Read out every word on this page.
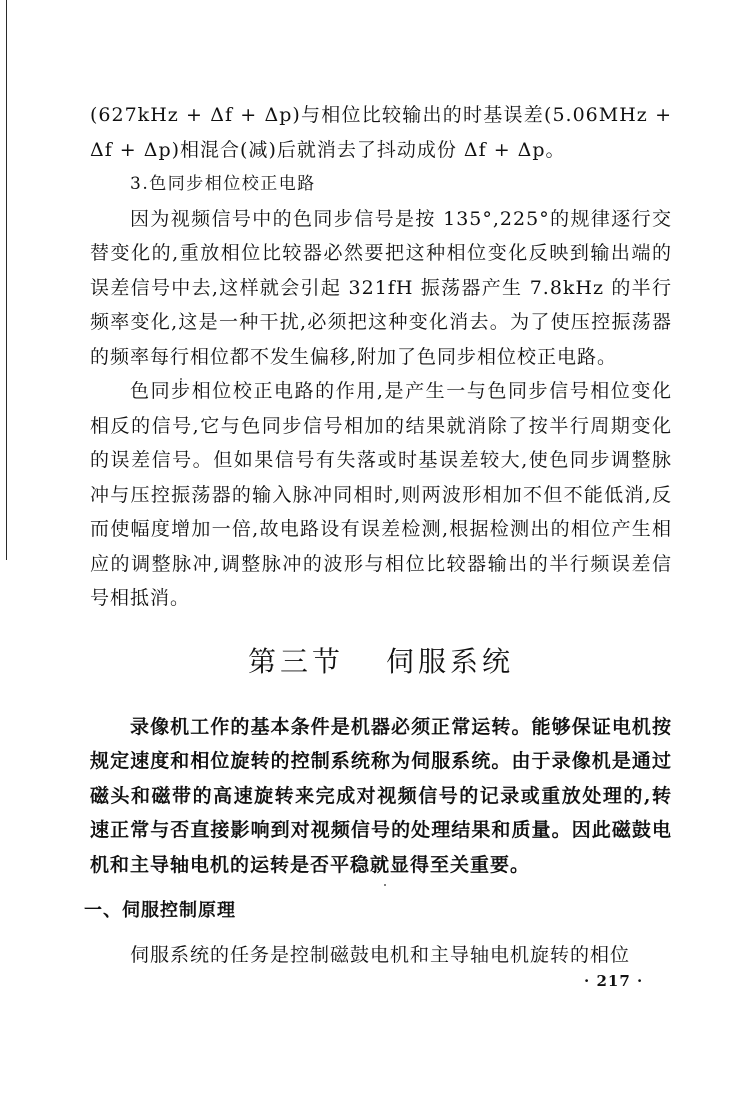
(627kHz + Δf + Δp)与相位比较输出的时基误差(5.06MHz + Δf + Δp)相混合(减)后就消去了抖动成份 Δf + Δp。

3.色同步相位校正电路

因为视频信号中的色同步信号是按 135°,225°的规律逐行交替变化的,重放相位比较器必然要把这种相位变化反映到输出端的误差信号中去,这样就会引起 321fH 振荡器产生 7.8kHz 的半行频率变化,这是一种干扰,必须把这种变化消去。为了使压控振荡器的频率每行相位都不发生偏移,附加了色同步相位校正电路。

色同步相位校正电路的作用,是产生一与色同步信号相位变化相反的信号,它与色同步信号相加的结果就消除了按半行周期变化的误差信号。但如果信号有失落或时基误差较大,使色同步调整脉冲与压控振荡器的输入脉冲同相时,则两波形相加不但不能低消,反而使幅度增加一倍,故电路设有误差检测,根据检测出的相位产生相应的调整脉冲,调整脉冲的波形与相位比较器输出的半行频误差信号相抵消。

第三节 伺服系统

录像机工作的基本条件是机器必须正常运转。能够保证电机按规定速度和相位旋转的控制系统称为伺服系统。由于录像机是通过磁头和磁带的高速旋转来完成对视频信号的记录或重放处理的,转速正常与否直接影响到对视频信号的处理结果和质量。因此磁鼓电机和主导轴电机的运转是否平稳就显得至关重要。

一、伺服控制原理

伺服系统的任务是控制磁鼓电机和主导轴电机旋转的相位

· 217 ·
